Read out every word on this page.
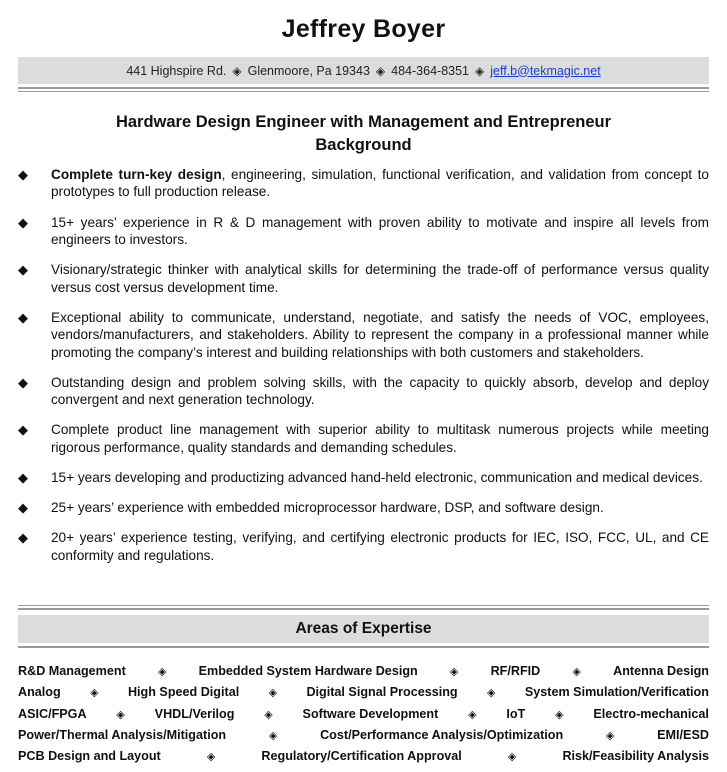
Jeffrey Boyer
441 Highspire Rd. ◈ Glenmoore, Pa 19343 ◈ 484-364-8351 ◈ jeff.b@tekmagic.net
Hardware Design Engineer with Management and Entrepreneur
Background
◆ Complete turn-key design, engineering, simulation, functional verification, and validation from concept to prototypes to full production release.
◆ 15+ years’ experience in R & D management with proven ability to motivate and inspire all levels from engineers to investors.
◆ Visionary/strategic thinker with analytical skills for determining the trade-off of performance versus quality versus cost versus development time.
◆ Exceptional ability to communicate, understand, negotiate, and satisfy the needs of VOC, employees, vendors/manufacturers, and stakeholders. Ability to represent the company in a professional manner while promoting the company’s interest and building relationships with both customers and stakeholders.
◆ Outstanding design and problem solving skills, with the capacity to quickly absorb, develop and deploy convergent and next generation technology.
◆ Complete product line management with superior ability to multitask numerous projects while meeting rigorous performance, quality standards and demanding schedules.
◆ 15+ years developing and productizing advanced hand-held electronic, communication and medical devices.
◆ 25+ years’ experience with embedded microprocessor hardware, DSP, and software design.
◆ 20+ years’ experience testing, verifying, and certifying electronic products for IEC, ISO, FCC, UL, and CE conformity and regulations.
Areas of Expertise
R&D Management	◈	Embedded System Hardware Design	◈	RF/RFID	◈	Antenna Design
Analog	◈ High Speed Digital	◈ Digital Signal Processing	◈ System Simulation/Verification
ASIC/FPGA	◈ VHDL/Verilog	◈ Software Development	◈ IoT	◈ Electro-mechanical
Power/Thermal Analysis/Mitigation	◈	Cost/Performance Analysis/Optimization	◈	EMI/ESD
PCB Design and Layout	◈	Regulatory/Certification Approval	◈	Risk/Feasibility Analysis
